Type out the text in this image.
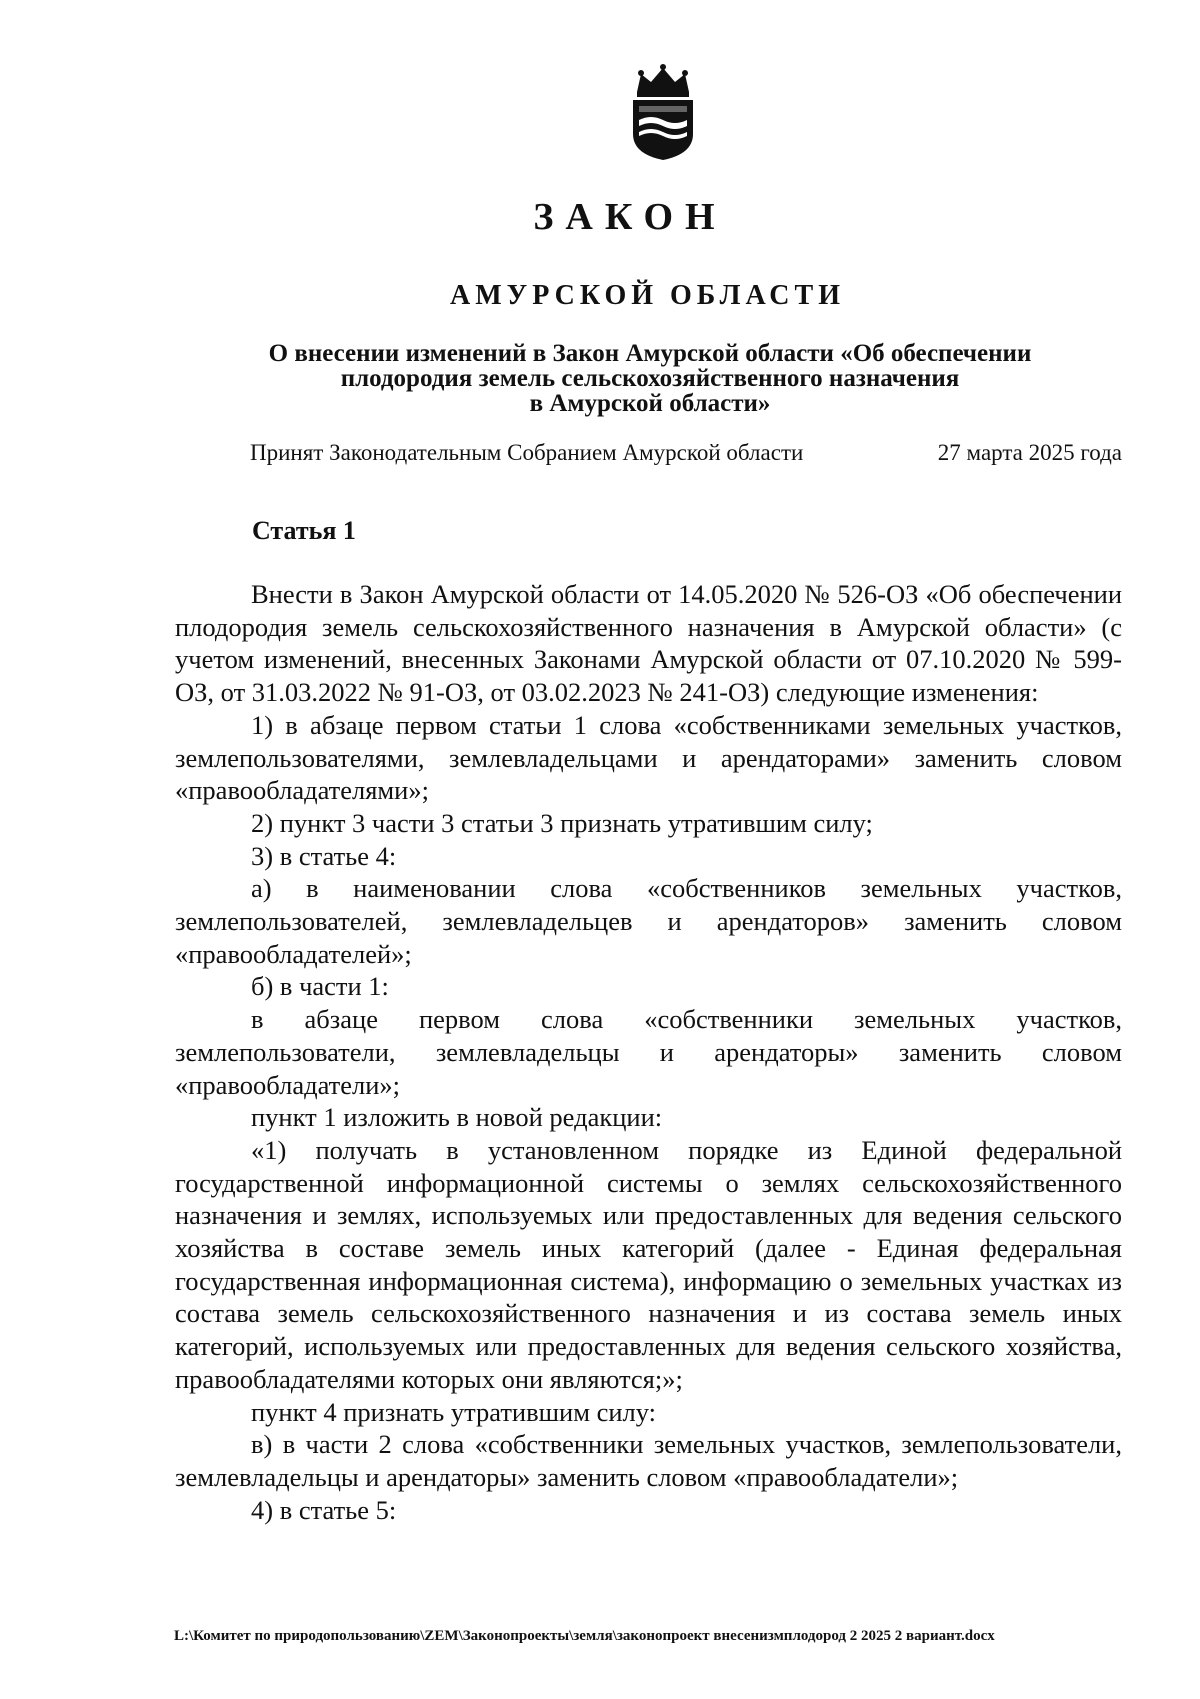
ЗАКОН
АМУРСКОЙ ОБЛАСТИ
О внесении изменений в Закон Амурской области «Об обеспечении
плодородия земель сельскохозяйственного назначения
в Амурской области»
Принят Законодательным Собранием Амурской области	27 марта 2025 года
Статья 1

Внести в Закон Амурской области от 14.05.2020 № 526-ОЗ «Об обеспечении плодородия земель сельскохозяйственного назначения в Амурской области» (с учетом изменений, внесенных Законами Амурской области от 07.10.2020 № 599-ОЗ, от 31.03.2022 № 91-ОЗ, от 03.02.2023 № 241-ОЗ) следующие изменения:

1) в абзаце первом статьи 1 слова «собственниками земельных участков, землепользователями, землевладельцами и арендаторами» заменить словом «правообладателями»;

2) пункт 3 части 3 статьи 3 признать утратившим силу;

3) в статье 4:

а) в наименовании слова «собственников земельных участков, землепользователей, землевладельцев и арендаторов» заменить словом «правообладателей»;

б) в части 1:

в абзаце первом слова «собственники земельных участков, землепользователи, землевладельцы и арендаторы» заменить словом «правообладатели»;

пункт 1 изложить в новой редакции:

«1) получать в установленном порядке из Единой федеральной государственной информационной системы о землях сельскохозяйственного назначения и землях, используемых или предоставленных для ведения сельского хозяйства в составе земель иных категорий (далее - Единая федеральная государственная информационная система), информацию о земельных участках из состава земель сельскохозяйственного назначения и из состава земель иных категорий, используемых или предоставленных для ведения сельского хозяйства, правообладателями которых они являются;»;

пункт 4 признать утратившим силу:

в) в части 2 слова «собственники земельных участков, землепользователи, землевладельцы и арендаторы» заменить словом «правообладатели»;

4) в статье 5:

L:\Комитет по природопользованию\ZEM\Законопроекты\земля\законопроект внесенизмплодород 2 2025 2 вариант.docx
